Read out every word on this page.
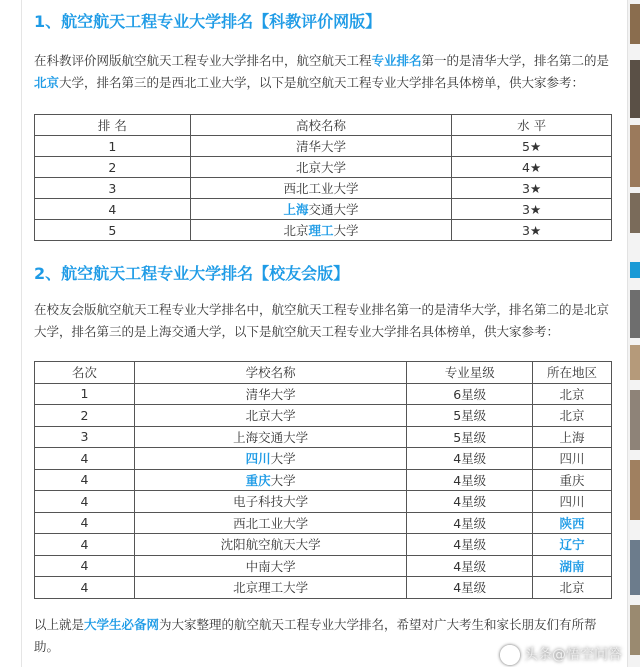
1、航空航天工程专业大学排名【科教评价网版】
在科教评价网版航空航天工程专业大学排名中，航空航天工程专业排名第一的是清华大学，排名第二的是北京大学，排名第三的是西北工业大学，以下是航空航天工程专业大学排名具体榜单，供大家参考：
排 名	高校名称	水 平
1	清华大学	5★
2	北京大学	4★
3	西北工业大学	3★
4	上海交通大学	3★
5	北京理工大学	3★
2、航空航天工程专业大学排名【校友会版】
在校友会版航空航天工程专业大学排名中，航空航天工程专业排名第一的是清华大学，排名第二的是北京大学，排名第三的是上海交通大学，以下是航空航天工程专业大学排名具体榜单，供大家参考：
名次	学校名称	专业星级	所在地区
1	清华大学	6星级	北京
2	北京大学	5星级	北京
3	上海交通大学	5星级	上海
4	四川大学	4星级	四川
4	重庆大学	4星级	重庆
4	电子科技大学	4星级	四川
4	西北工业大学	4星级	陕西
4	沈阳航空航天大学	4星级	辽宁
4	中南大学	4星级	湖南
4	北京理工大学	4星级	北京
以上就是大学生必备网为大家整理的航空航天工程专业大学排名，希望对广大考生和家长朋友们有所帮助。
头条@悟空问答
